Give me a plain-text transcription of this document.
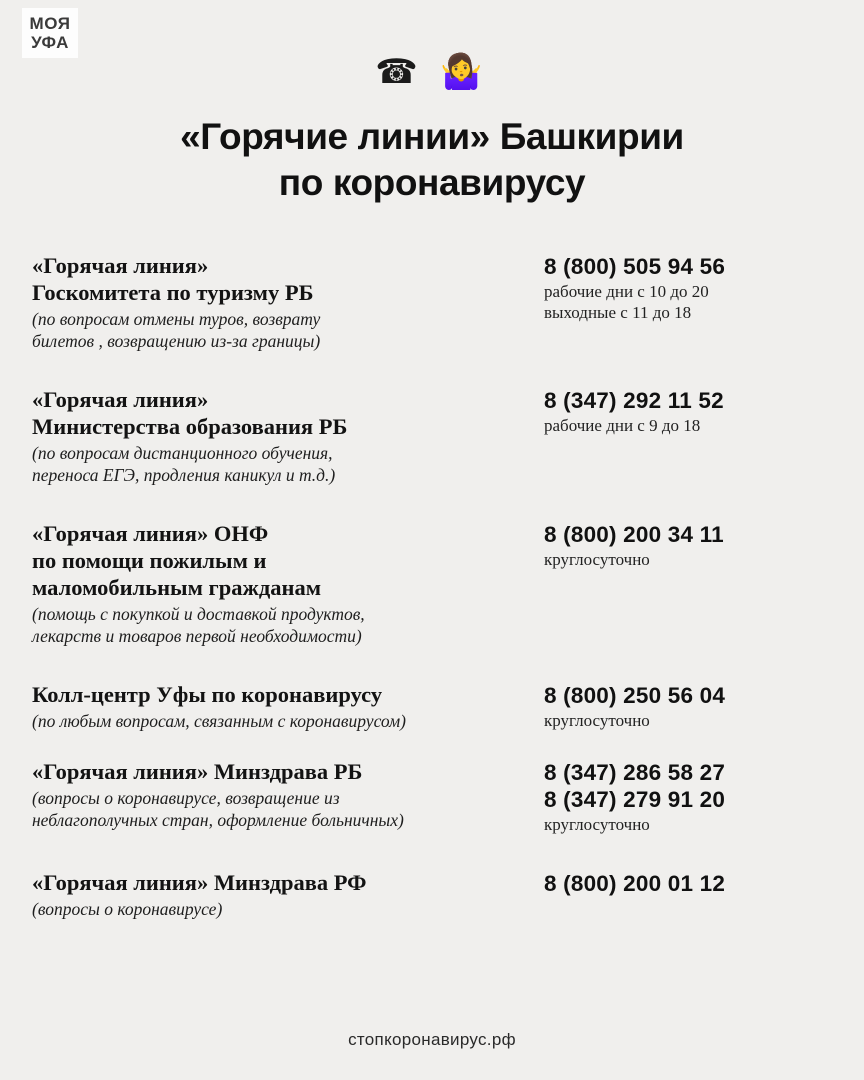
МОЯ
УФА
☎ 🤷‍♀️
«Горячие линии» Башкирии
по коронавирусу
«Горячая линия»
Госкомитета по туризму РБ
(по вопросам отмены туров, возврату
билетов , возвращению из-за границы)
8 (800) 505 94 56
рабочие дни с 10 до 20
выходные с 11 до 18
«Горячая линия»
Министерства образования РБ
(по вопросам дистанционного обучения,
переноса ЕГЭ, продления каникул и т.д.)
8 (347) 292 11 52
рабочие дни с 9 до 18
«Горячая линия» ОНФ
по помощи пожилым и
маломобильным гражданам
(помощь с покупкой и доставкой продуктов,
лекарств и товаров первой необходимости)
8 (800) 200 34 11
круглосуточно
Колл-центр Уфы по коронавирусу
(по любым вопросам, связанным с коронавирусом)
8 (800) 250 56 04
круглосуточно
«Горячая линия» Минздрава РБ
(вопросы о коронавирусе, возвращение из
неблагополучных стран, оформление больничных)
8 (347) 286 58 27
8 (347) 279 91 20
круглосуточно
«Горячая линия» Минздрава РФ
(вопросы о коронавирусе)
8 (800) 200 01 12
стопкоронавирус.рф
